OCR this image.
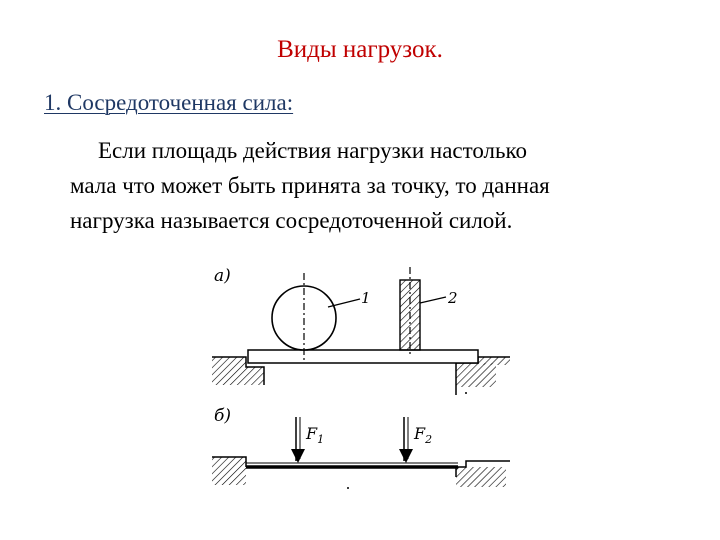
Виды нагрузок.
1. Сосредоточенная сила:
Если площадь действия нагрузки настолько
мала что может быть принята за точку, то данная
нагрузка называется сосредоточенной силой.
а)
1	2
б)
$F_1$	$F_2$
